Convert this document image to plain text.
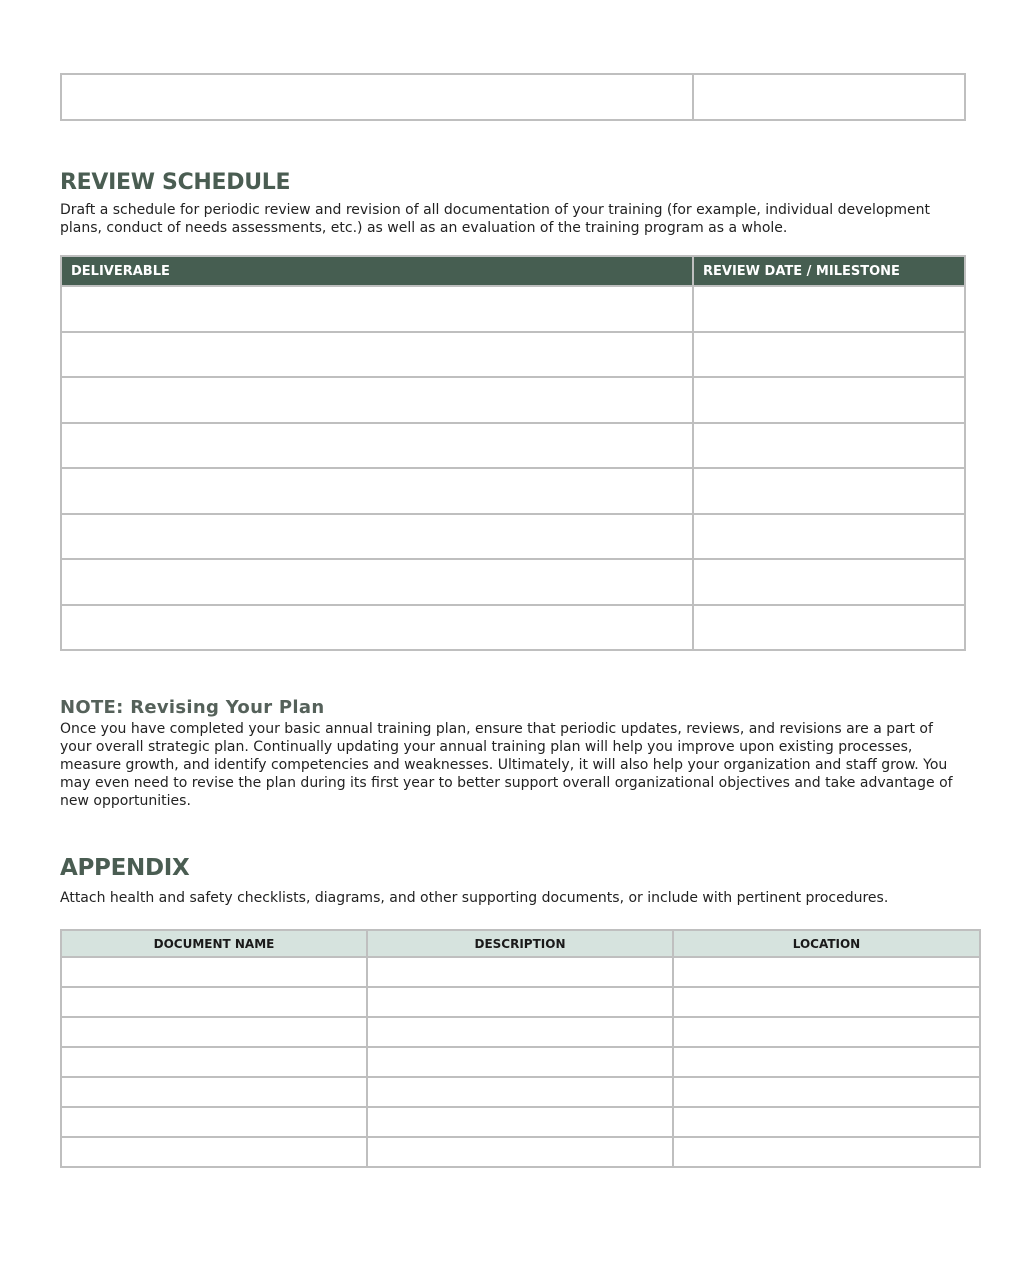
REVIEW SCHEDULE

Draft a schedule for periodic review and revision of all documentation of your training (for example, individual development plans, conduct of needs assessments, etc.) as well as an evaluation of the training program as a whole.

DELIVERABLE	REVIEW DATE / MILESTONE

NOTE: Revising Your Plan

Once you have completed your basic annual training plan, ensure that periodic updates, reviews, and revisions are a part of your overall strategic plan. Continually updating your annual training plan will help you improve upon existing processes, measure growth, and identify competencies and weaknesses. Ultimately, it will also help your organization and staff grow. You may even need to revise the plan during its first year to better support overall organizational objectives and take advantage of new opportunities.

APPENDIX

Attach health and safety checklists, diagrams, and other supporting documents, or include with pertinent procedures.

DOCUMENT NAME	DESCRIPTION	LOCATION
